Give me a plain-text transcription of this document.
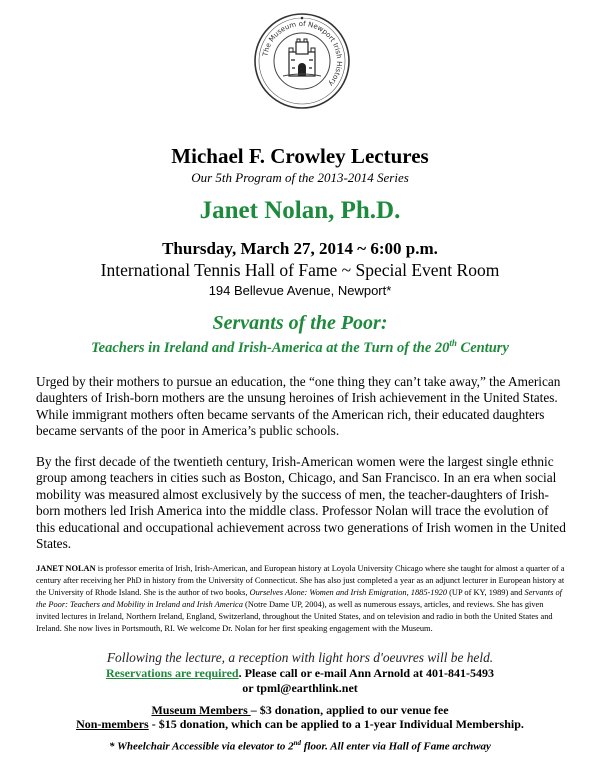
The Museum of Newport Irish History
Michael F. Crowley Lectures
Our 5th Program of the 2013-2014 Series
Janet Nolan, Ph.D.
Thursday, March 27, 2014 ~ 6:00 p.m.
International Tennis Hall of Fame ~ Special Event Room
194 Bellevue Avenue, Newport*
Servants of the Poor:
Teachers in Ireland and Irish-America at the Turn of the 20th Century
Urged by their mothers to pursue an education, the “one thing they can’t take away,” the American daughters of Irish-born mothers are the unsung heroines of Irish achievement in the United States. While immigrant mothers often became servants of the American rich, their educated daughters became servants of the poor in America’s public schools.
By the first decade of the twentieth century, Irish-American women were the largest single ethnic group among teachers in cities such as Boston, Chicago, and San Francisco. In an era when social mobility was measured almost exclusively by the success of men, the teacher-daughters of Irish-born mothers led Irish America into the middle class. Professor Nolan will trace the evolution of this educational and occupational achievement across two generations of Irish women in the United States.
JANET NOLAN is professor emerita of Irish, Irish-American, and European history at Loyola University Chicago where she taught for almost a quarter of a century after receiving her PhD in history from the University of Connecticut. She has also just completed a year as an adjunct lecturer in European history at the University of Rhode Island. She is the author of two books, Ourselves Alone: Women and Irish Emigration, 1885-1920 (UP of KY, 1989) and Servants of the Poor: Teachers and Mobility in Ireland and Irish America (Notre Dame UP, 2004), as well as numerous essays, articles, and reviews. She has given invited lectures in Ireland, Northern Ireland, England, Switzerland, throughout the United States, and on television and radio in both the United States and Ireland. She now lives in Portsmouth, RI. We welcome Dr. Nolan for her first speaking engagement with the Museum.
Following the lecture, a reception with light hors d'oeuvres will be held.
Reservations are required. Please call or e-mail Ann Arnold at 401-841-5493
or tpml@earthlink.net
Museum Members – $3 donation, applied to our venue fee
Non-members - $15 donation, which can be applied to a 1-year Individual Membership.
* Wheelchair Accessible via elevator to 2nd floor. All enter via Hall of Fame archway
